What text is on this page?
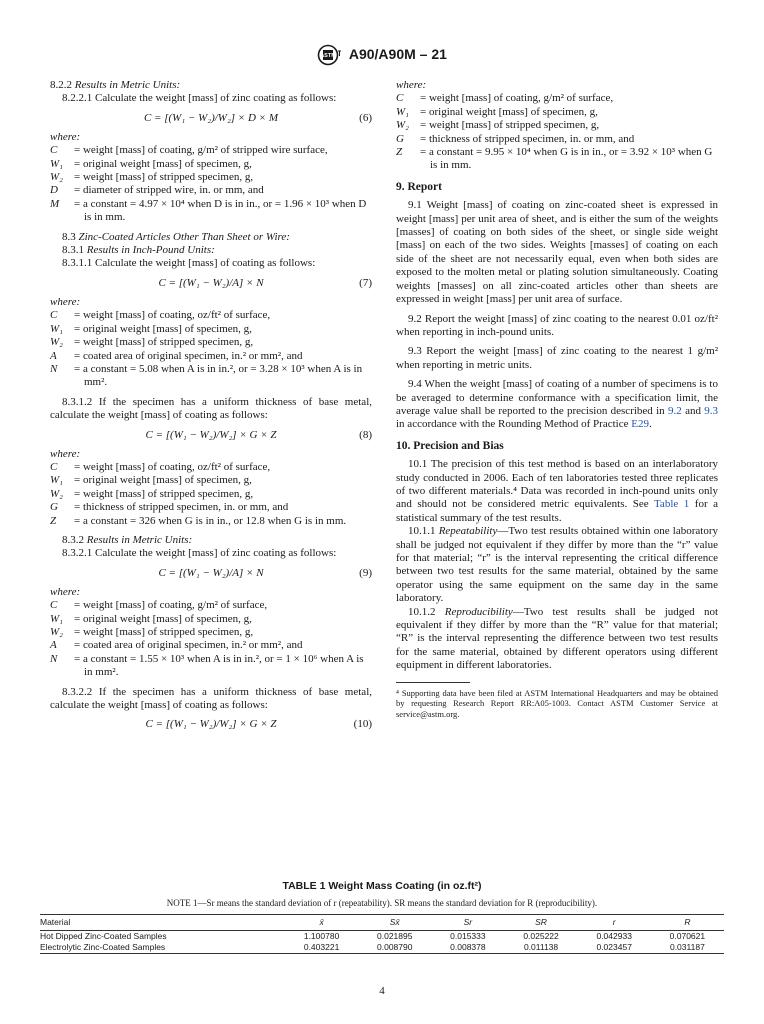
ASTM A90/A90M – 21

8.2.2 Results in Metric Units:

8.2.2.1 Calculate the weight [mass] of zinc coating as follows:

C = [(W₁ − W₂)/W₂] × D × M	(6)

where:

C	= weight [mass] of coating, g/m² of stripped wire surface,
W₁	= original weight [mass] of specimen, g,
W₂	= weight [mass] of stripped specimen, g,
D	= diameter of stripped wire, in. or mm, and
M	= a constant = 4.97 × 10⁴ when D is in in., or = 1.96 × 10³ when D is in mm.

8.3 Zinc-Coated Articles Other Than Sheet or Wire:

8.3.1 Results in Inch-Pound Units:

8.3.1.1 Calculate the weight [mass] of coating as follows:

C = [(W₁ − W₂)/A] × N	(7)

where:

C	= weight [mass] of coating, oz/ft² of surface,
W₁	= original weight [mass] of specimen, g,
W₂	= weight [mass] of stripped specimen, g,
A	= coated area of original specimen, in.² or mm², and
N	= a constant = 5.08 when A is in in.², or = 3.28 × 10³ when A is in mm².

8.3.1.2 If the specimen has a uniform thickness of base metal, calculate the weight [mass] of coating as follows:

C = [(W₁ − W₂)/W₂] × G × Z	(8)

where:

C	= weight [mass] of coating, oz/ft² of surface,
W₁	= original weight [mass] of specimen, g,
W₂	= weight [mass] of stripped specimen, g,
G	= thickness of stripped specimen, in. or mm, and
Z	= a constant = 326 when G is in in., or 12.8 when G is in mm.

8.3.2 Results in Metric Units:

8.3.2.1 Calculate the weight [mass] of zinc coating as follows:

C = [(W₁ − W₂)/A] × N	(9)

where:

C	= weight [mass] of coating, g/m² of surface,
W₁	= original weight [mass] of specimen, g,
W₂	= weight [mass] of stripped specimen, g,
A	= coated area of original specimen, in.² or mm², and
N	= a constant = 1.55 × 10³ when A is in in.², or = 1 × 10⁶ when A is in mm².

8.3.2.2 If the specimen has a uniform thickness of base metal, calculate the weight [mass] of coating as follows:

C = [(W₁ − W₂)/W₂] × G × Z	(10)

where:

C	= weight [mass] of coating, g/m² of surface,
W₁	= original weight [mass] of specimen, g,
W₂	= weight [mass] of stripped specimen, g,
G	= thickness of stripped specimen, in. or mm, and
Z	= a constant = 9.95 × 10⁴ when G is in in., or = 3.92 × 10³ when G is in mm.

9. Report

9.1 Weight [mass] of coating on zinc-coated sheet is expressed in weight [mass] per unit area of sheet, and is either the sum of the weights [masses] of coating on both sides of the sheet, or single side weight [mass] on each of the two sides. Weights [masses] of coating on each side of the sheet are not necessarily equal, even when both sides are exposed to the molten metal or plating solution simultaneously. Coating weights [masses] on all zinc-coated articles other than sheets are expressed in weight [mass] per unit area of surface.

9.2 Report the weight [mass] of zinc coating to the nearest 0.01 oz/ft² when reporting in inch-pound units.

9.3 Report the weight [mass] of zinc coating to the nearest 1 g/m² when reporting in metric units.

9.4 When the weight [mass] of coating of a number of specimens is to be averaged to determine conformance with a specification limit, the average value shall be reported to the precision described in 9.2 and 9.3 in accordance with the Rounding Method of Practice E29.

10. Precision and Bias

10.1 The precision of this test method is based on an interlaboratory study conducted in 2006. Each of ten laboratories tested three replicates of two different materials.⁴ Data was recorded in inch-pound units only and should not be considered metric equivalents. See Table 1 for a statistical summary of the test results.

10.1.1 Repeatability—Two test results obtained within one laboratory shall be judged not equivalent if they differ by more than the “r” value for that material; “r” is the interval representing the critical difference between two test results for the same material, obtained by the same operator using the same equipment on the same day in the same laboratory.

10.1.2 Reproducibility—Two test results shall be judged not equivalent if they differ by more than the “R” value for that material; “R” is the interval representing the difference between two test results for the same material, obtained by different operators using different equipment in different laboratories.

⁴ Supporting data have been filed at ASTM International Headquarters and may be obtained by requesting Research Report RR:A05-1003. Contact ASTM Customer Service at service@astm.org.

TABLE 1 Weight Mass Coating (in oz.ft²)

NOTE 1—Sr means the standard deviation of r (repeatability). SR means the standard deviation for R (reproducibility).

Material	x̄	Sx̄	Sr	SR	r	R
Hot Dipped Zinc-Coated Samples	1.100780	0.021895	0.015333	0.025222	0.042933	0.070621
Electrolytic Zinc-Coated Samples	0.403221	0.008790	0.008378	0.011138	0.023457	0.031187
4
